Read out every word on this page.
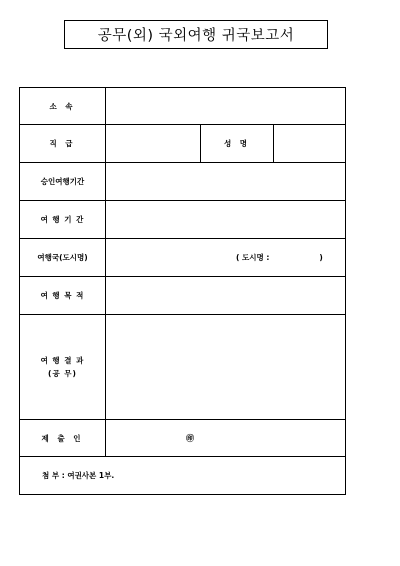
공무(외) 국외여행 귀국보고서
소 속			
직 급		성 명	
승인여행기간			
여 행 기 간			
여행국(도시명)	( 도시명 : )		

여 행 목 적			

여 행 결 과
(공 무)			

제 출 인	㊞		
첨 부 : 여권사본 1부.			
